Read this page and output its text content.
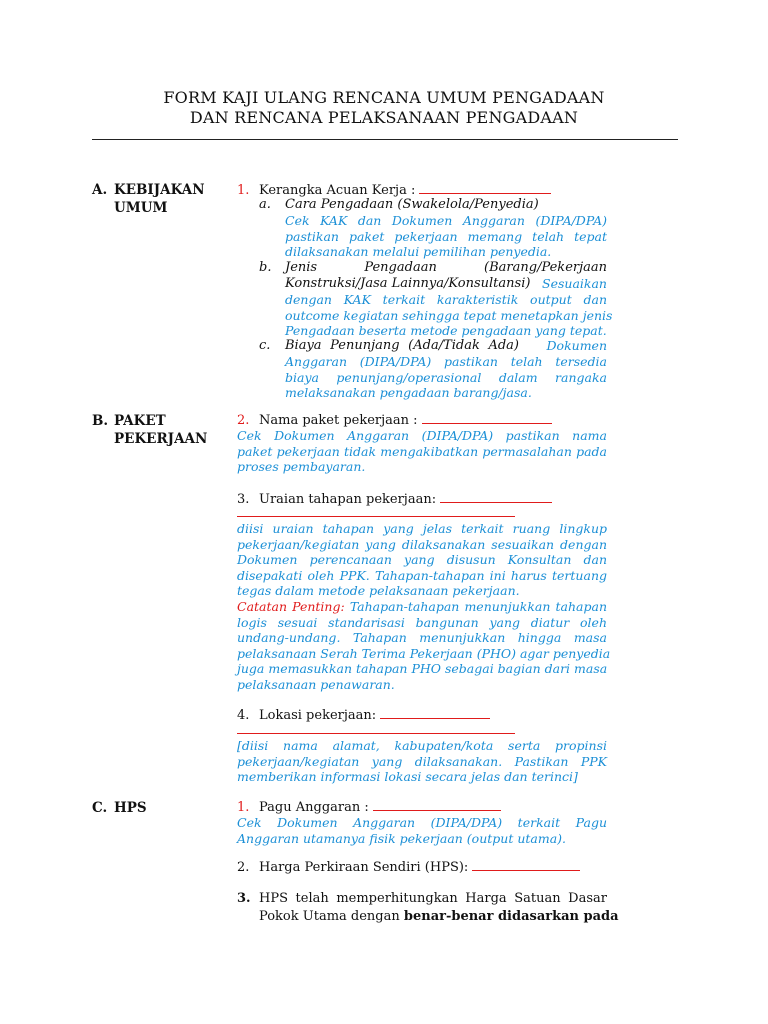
FORM KAJI ULANG RENCANA UMUM PENGADAAN
DAN RENCANA PELAKSANAAN PENGADAAN
A. KEBIJAKAN
UMUM
1. Kerangka Acuan Kerja :
a. Cara Pengadaan (Swakelola/Penyedia)
Cek KAK dan Dokumen Anggaran (DIPA/DPA)
pastikan paket pekerjaan memang telah tepat
dilaksanakan melalui pemilihan penyedia.
b. Jenis Pengadaan (Barang/Pekerjaan
Konstruksi/Jasa Lainnya/Konsultansi) Sesuaikan
dengan KAK terkait karakteristik output dan
outcome kegiatan sehingga tepat menetapkan jenis
Pengadaan beserta metode pengadaan yang tepat.
c.	Biaya Penunjang (Ada/Tidak Ada) Dokumen
Anggaran (DIPA/DPA) pastikan telah tersedia
biaya penunjang/operasional dalam rangaka
melaksanakan pengadaan barang/jasa.
B. PAKET
PEKERJAAN
2. Nama paket pekerjaan :
Cek Dokumen Anggaran (DIPA/DPA) pastikan nama
paket pekerjaan tidak mengakibatkan permasalahan pada
proses pembayaran.
3. Uraian tahapan pekerjaan:
diisi uraian tahapan yang jelas terkait ruang lingkup
pekerjaan/kegiatan yang dilaksanakan sesuaikan dengan
Dokumen perencanaan yang disusun Konsultan dan
disepakati oleh PPK. Tahapan-tahapan ini harus tertuang
tegas dalam metode pelaksanaan pekerjaan.
Catatan Penting: Tahapan-tahapan menunjukkan tahapan
logis sesuai standarisasi bangunan yang diatur oleh
undang-undang. Tahapan menunjukkan hingga masa
pelaksanaan Serah Terima Pekerjaan (PHO) agar penyedia
juga memasukkan tahapan PHO sebagai bagian dari masa
pelaksanaan penawaran.
4. Lokasi pekerjaan:
[diisi nama alamat, kabupaten/kota serta propinsi
pekerjaan/kegiatan yang dilaksanakan. Pastikan PPK
memberikan informasi lokasi secara jelas dan terinci]
C. HPS	1. Pagu Anggaran :
Cek Dokumen Anggaran (DIPA/DPA) terkait Pagu
Anggaran utamanya fisik pekerjaan (output utama).
2. Harga Perkiraan Sendiri (HPS):
3. HPS telah memperhitungkan Harga Satuan Dasar
Pokok Utama dengan benar-benar didasarkan pada
